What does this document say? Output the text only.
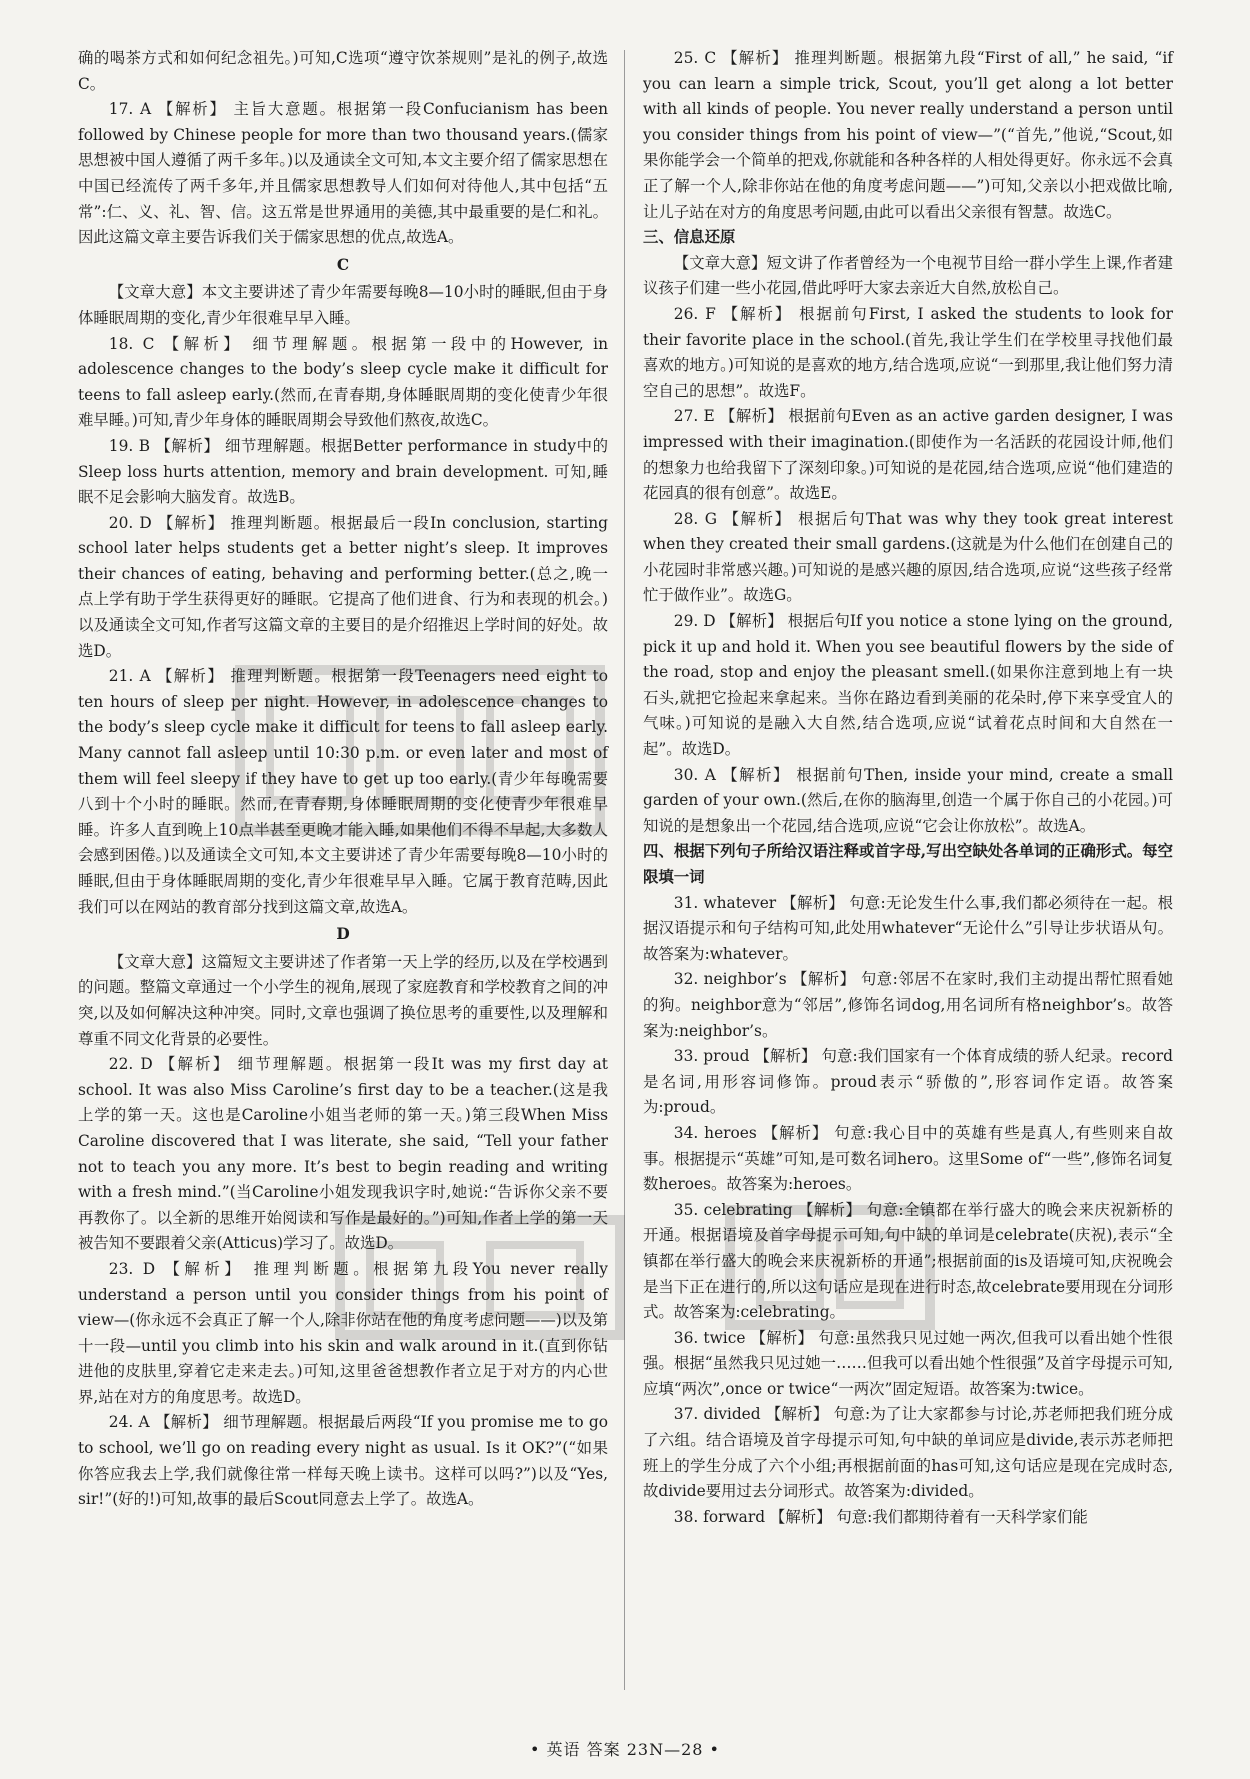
确的喝茶方式和如何纪念祖先。)可知,C选项“遵守饮茶规则”是礼的例子,故选C。

17. A 【解析】 主旨大意题。根据第一段Confucianism has been followed by Chinese people for more than two thousand years.(儒家思想被中国人遵循了两千多年。)以及通读全文可知,本文主要介绍了儒家思想在中国已经流传了两千多年,并且儒家思想教导人们如何对待他人,其中包括“五常”:仁、义、礼、智、信。这五常是世界通用的美德,其中最重要的是仁和礼。因此这篇文章主要告诉我们关于儒家思想的优点,故选A。

C

【文章大意】本文主要讲述了青少年需要每晚8—10小时的睡眠,但由于身体睡眠周期的变化,青少年很难早早入睡。

18. C 【解析】 细节理解题。根据第一段中的However, in adolescence changes to the body’s sleep cycle make it difficult for teens to fall asleep early.(然而,在青春期,身体睡眠周期的变化使青少年很难早睡。)可知,青少年身体的睡眠周期会导致他们熬夜,故选C。

19. B 【解析】 细节理解题。根据Better performance in study中的Sleep loss hurts attention, memory and brain development. 可知,睡眠不足会影响大脑发育。故选B。

20. D 【解析】 推理判断题。根据最后一段In conclusion, starting school later helps students get a better night’s sleep. It improves their chances of eating, behaving and performing better.(总之,晚一点上学有助于学生获得更好的睡眠。它提高了他们进食、行为和表现的机会。)以及通读全文可知,作者写这篇文章的主要目的是介绍推迟上学时间的好处。故选D。

21. A 【解析】 推理判断题。根据第一段Teenagers need eight to ten hours of sleep per night. However, in adolescence changes to the body’s sleep cycle make it difficult for teens to fall asleep early. Many cannot fall asleep until 10:30 p.m. or even later and most of them will feel sleepy if they have to get up too early.(青少年每晚需要八到十个小时的睡眠。然而,在青春期,身体睡眠周期的变化使青少年很难早睡。许多人直到晚上10点半甚至更晚才能入睡,如果他们不得不早起,大多数人会感到困倦。)以及通读全文可知,本文主要讲述了青少年需要每晚8—10小时的睡眠,但由于身体睡眠周期的变化,青少年很难早早入睡。它属于教育范畴,因此我们可以在网站的教育部分找到这篇文章,故选A。

D

【文章大意】这篇短文主要讲述了作者第一天上学的经历,以及在学校遇到的问题。整篇文章通过一个小学生的视角,展现了家庭教育和学校教育之间的冲突,以及如何解决这种冲突。同时,文章也强调了换位思考的重要性,以及理解和尊重不同文化背景的必要性。

22. D 【解析】 细节理解题。根据第一段It was my first day at school. It was also Miss Caroline’s first day to be a teacher.(这是我上学的第一天。这也是Caroline小姐当老师的第一天。)第三段When Miss Caroline discovered that I was literate, she said, “Tell your father not to teach you any more. It’s best to begin reading and writing with a fresh mind.”(当Caroline小姐发现我识字时,她说:“告诉你父亲不要再教你了。以全新的思维开始阅读和写作是最好的。”)可知,作者上学的第一天被告知不要跟着父亲(Atticus)学习了。故选D。

23. D 【解析】 推理判断题。根据第九段You never really understand a person until you consider things from his point of view—(你永远不会真正了解一个人,除非你站在他的角度考虑问题——)以及第十一段—until you climb into his skin and walk around in it.(直到你钻进他的皮肤里,穿着它走来走去。)可知,这里爸爸想教作者立足于对方的内心世界,站在对方的角度思考。故选D。

24. A 【解析】 细节理解题。根据最后两段“If you promise me to go to school, we’ll go on reading every night as usual. Is it OK?”(“如果你答应我去上学,我们就像往常一样每天晚上读书。这样可以吗?”)以及“Yes, sir!”(好的!)可知,故事的最后Scout同意去上学了。故选A。

25. C 【解析】 推理判断题。根据第九段“First of all,” he said, “if you can learn a simple trick, Scout, you’ll get along a lot better with all kinds of people. You never really understand a person until you consider things from his point of view—”(“首先,”他说,“Scout,如果你能学会一个简单的把戏,你就能和各种各样的人相处得更好。你永远不会真正了解一个人,除非你站在他的角度考虑问题——”)可知,父亲以小把戏做比喻,让儿子站在对方的角度思考问题,由此可以看出父亲很有智慧。故选C。

三、信息还原

【文章大意】短文讲了作者曾经为一个电视节目给一群小学生上课,作者建议孩子们建一些小花园,借此呼吁大家去亲近大自然,放松自己。

26. F 【解析】 根据前句First, I asked the students to look for their favorite place in the school.(首先,我让学生们在学校里寻找他们最喜欢的地方。)可知说的是喜欢的地方,结合选项,应说“一到那里,我让他们努力清空自己的思想”。故选F。

27. E 【解析】 根据前句Even as an active garden designer, I was impressed with their imagination.(即使作为一名活跃的花园设计师,他们的想象力也给我留下了深刻印象。)可知说的是花园,结合选项,应说“他们建造的花园真的很有创意”。故选E。

28. G 【解析】 根据后句That was why they took great interest when they created their small gardens.(这就是为什么他们在创建自己的小花园时非常感兴趣。)可知说的是感兴趣的原因,结合选项,应说“这些孩子经常忙于做作业”。故选G。

29. D 【解析】 根据后句If you notice a stone lying on the ground, pick it up and hold it. When you see beautiful flowers by the side of the road, stop and enjoy the pleasant smell.(如果你注意到地上有一块石头,就把它捡起来拿起来。当你在路边看到美丽的花朵时,停下来享受宜人的气味。)可知说的是融入大自然,结合选项,应说“试着花点时间和大自然在一起”。故选D。

30. A 【解析】 根据前句Then, inside your mind, create a small garden of your own.(然后,在你的脑海里,创造一个属于你自己的小花园。)可知说的是想象出一个花园,结合选项,应说“它会让你放松”。故选A。

四、根据下列句子所给汉语注释或首字母,写出空缺处各单词的正确形式。每空限填一词

31. whatever 【解析】 句意:无论发生什么事,我们都必须待在一起。根据汉语提示和句子结构可知,此处用whatever“无论什么”引导让步状语从句。故答案为:whatever。

32. neighbor’s 【解析】 句意:邻居不在家时,我们主动提出帮忙照看她的狗。neighbor意为“邻居”,修饰名词dog,用名词所有格neighbor’s。故答案为:neighbor’s。

33. proud 【解析】 句意:我们国家有一个体育成绩的骄人纪录。record是名词,用形容词修饰。proud表示“骄傲的”,形容词作定语。故答案为:proud。

34. heroes 【解析】 句意:我心目中的英雄有些是真人,有些则来自故事。根据提示“英雄”可知,是可数名词hero。这里Some of“一些”,修饰名词复数heroes。故答案为:heroes。

35. celebrating 【解析】 句意:全镇都在举行盛大的晚会来庆祝新桥的开通。根据语境及首字母提示可知,句中缺的单词是celebrate(庆祝),表示“全镇都在举行盛大的晚会来庆祝新桥的开通”;根据前面的is及语境可知,庆祝晚会是当下正在进行的,所以这句话应是现在进行时态,故celebrate要用现在分词形式。故答案为:celebrating。

36. twice 【解析】 句意:虽然我只见过她一两次,但我可以看出她个性很强。根据“虽然我只见过她一……但我可以看出她个性很强”及首字母提示可知,应填“两次”,once or twice“一两次”固定短语。故答案为:twice。

37. divided 【解析】 句意:为了让大家都参与讨论,苏老师把我们班分成了六组。结合语境及首字母提示可知,句中缺的单词应是divide,表示苏老师把班上的学生分成了六个小组;再根据前面的has可知,这句话应是现在完成时态,故divide要用过去分词形式。故答案为:divided。

38. forward 【解析】 句意:我们都期待着有一天科学家们能

• 英语 答案 23N—28 •
